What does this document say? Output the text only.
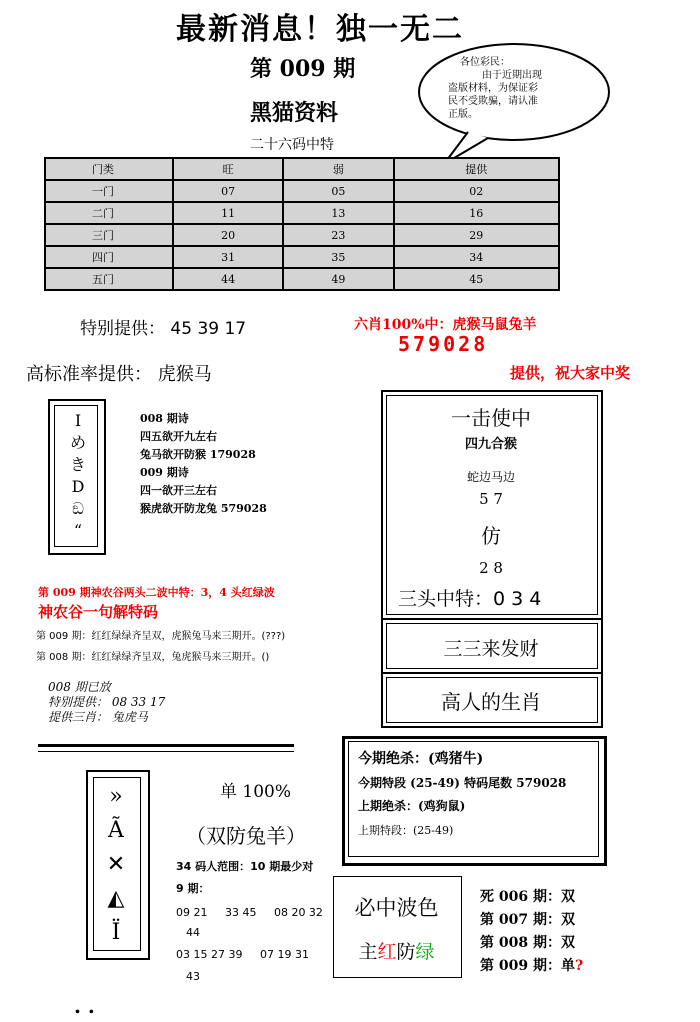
最新消息！独一无二
第 009 期
黑猫资料
二十六码中特
各位彩民：
由于近期出现
盗版材料，为保证彩
民不受欺骗，请认准
正版。
门类	旺	弱	提供
一门	07	05	02
二门	11	13	16
三门	20	23	29
四门	31	35	34
五门	44	49	45
特别提供： 45 39 17	六肖100%中：虎猴马鼠兔羊
579028
高标准率提供： 虎猴马	提供，祝大家中奖
I
め
き
D
ඞ
“
008 期诗
四五欲开九左右
兔马欲开防猴 179028
009 期诗
四一欲开三左右
猴虎欲开防龙兔 579028
第 009 期神农谷两头二波中特：3，4 头红绿波
神农谷一句解特码
第 009 期：红红绿绿齐呈双，虎猴兔马来三期开。(???)
第 008 期：红红绿绿齐呈双，兔虎猴马来三期开。()
008 期已放
特别提供： 08 33 17
提供三肖： 兔虎马
一击使中
四九合猴
蛇边马边
5 7
仿
2 8
三头中特：0 3 4
三三来发财
高人的生肖
今期绝杀：(鸡猪牛)
今期特段 (25-49) 特码尾数 579028
上期绝杀：(鸡狗鼠)
上期特段：(25-49)
»
Ã
✕
◭
Ï
单 100%
（双防兔羊）
34 码人范围：10 期最少对
9 期：
09 21     33 45     08 20 32
44
03 15 27 39     07 19 31
43
必中波色
主红防绿
死 006 期：双
第 007 期：双
第 008 期：双
第 009 期：单?
. .
